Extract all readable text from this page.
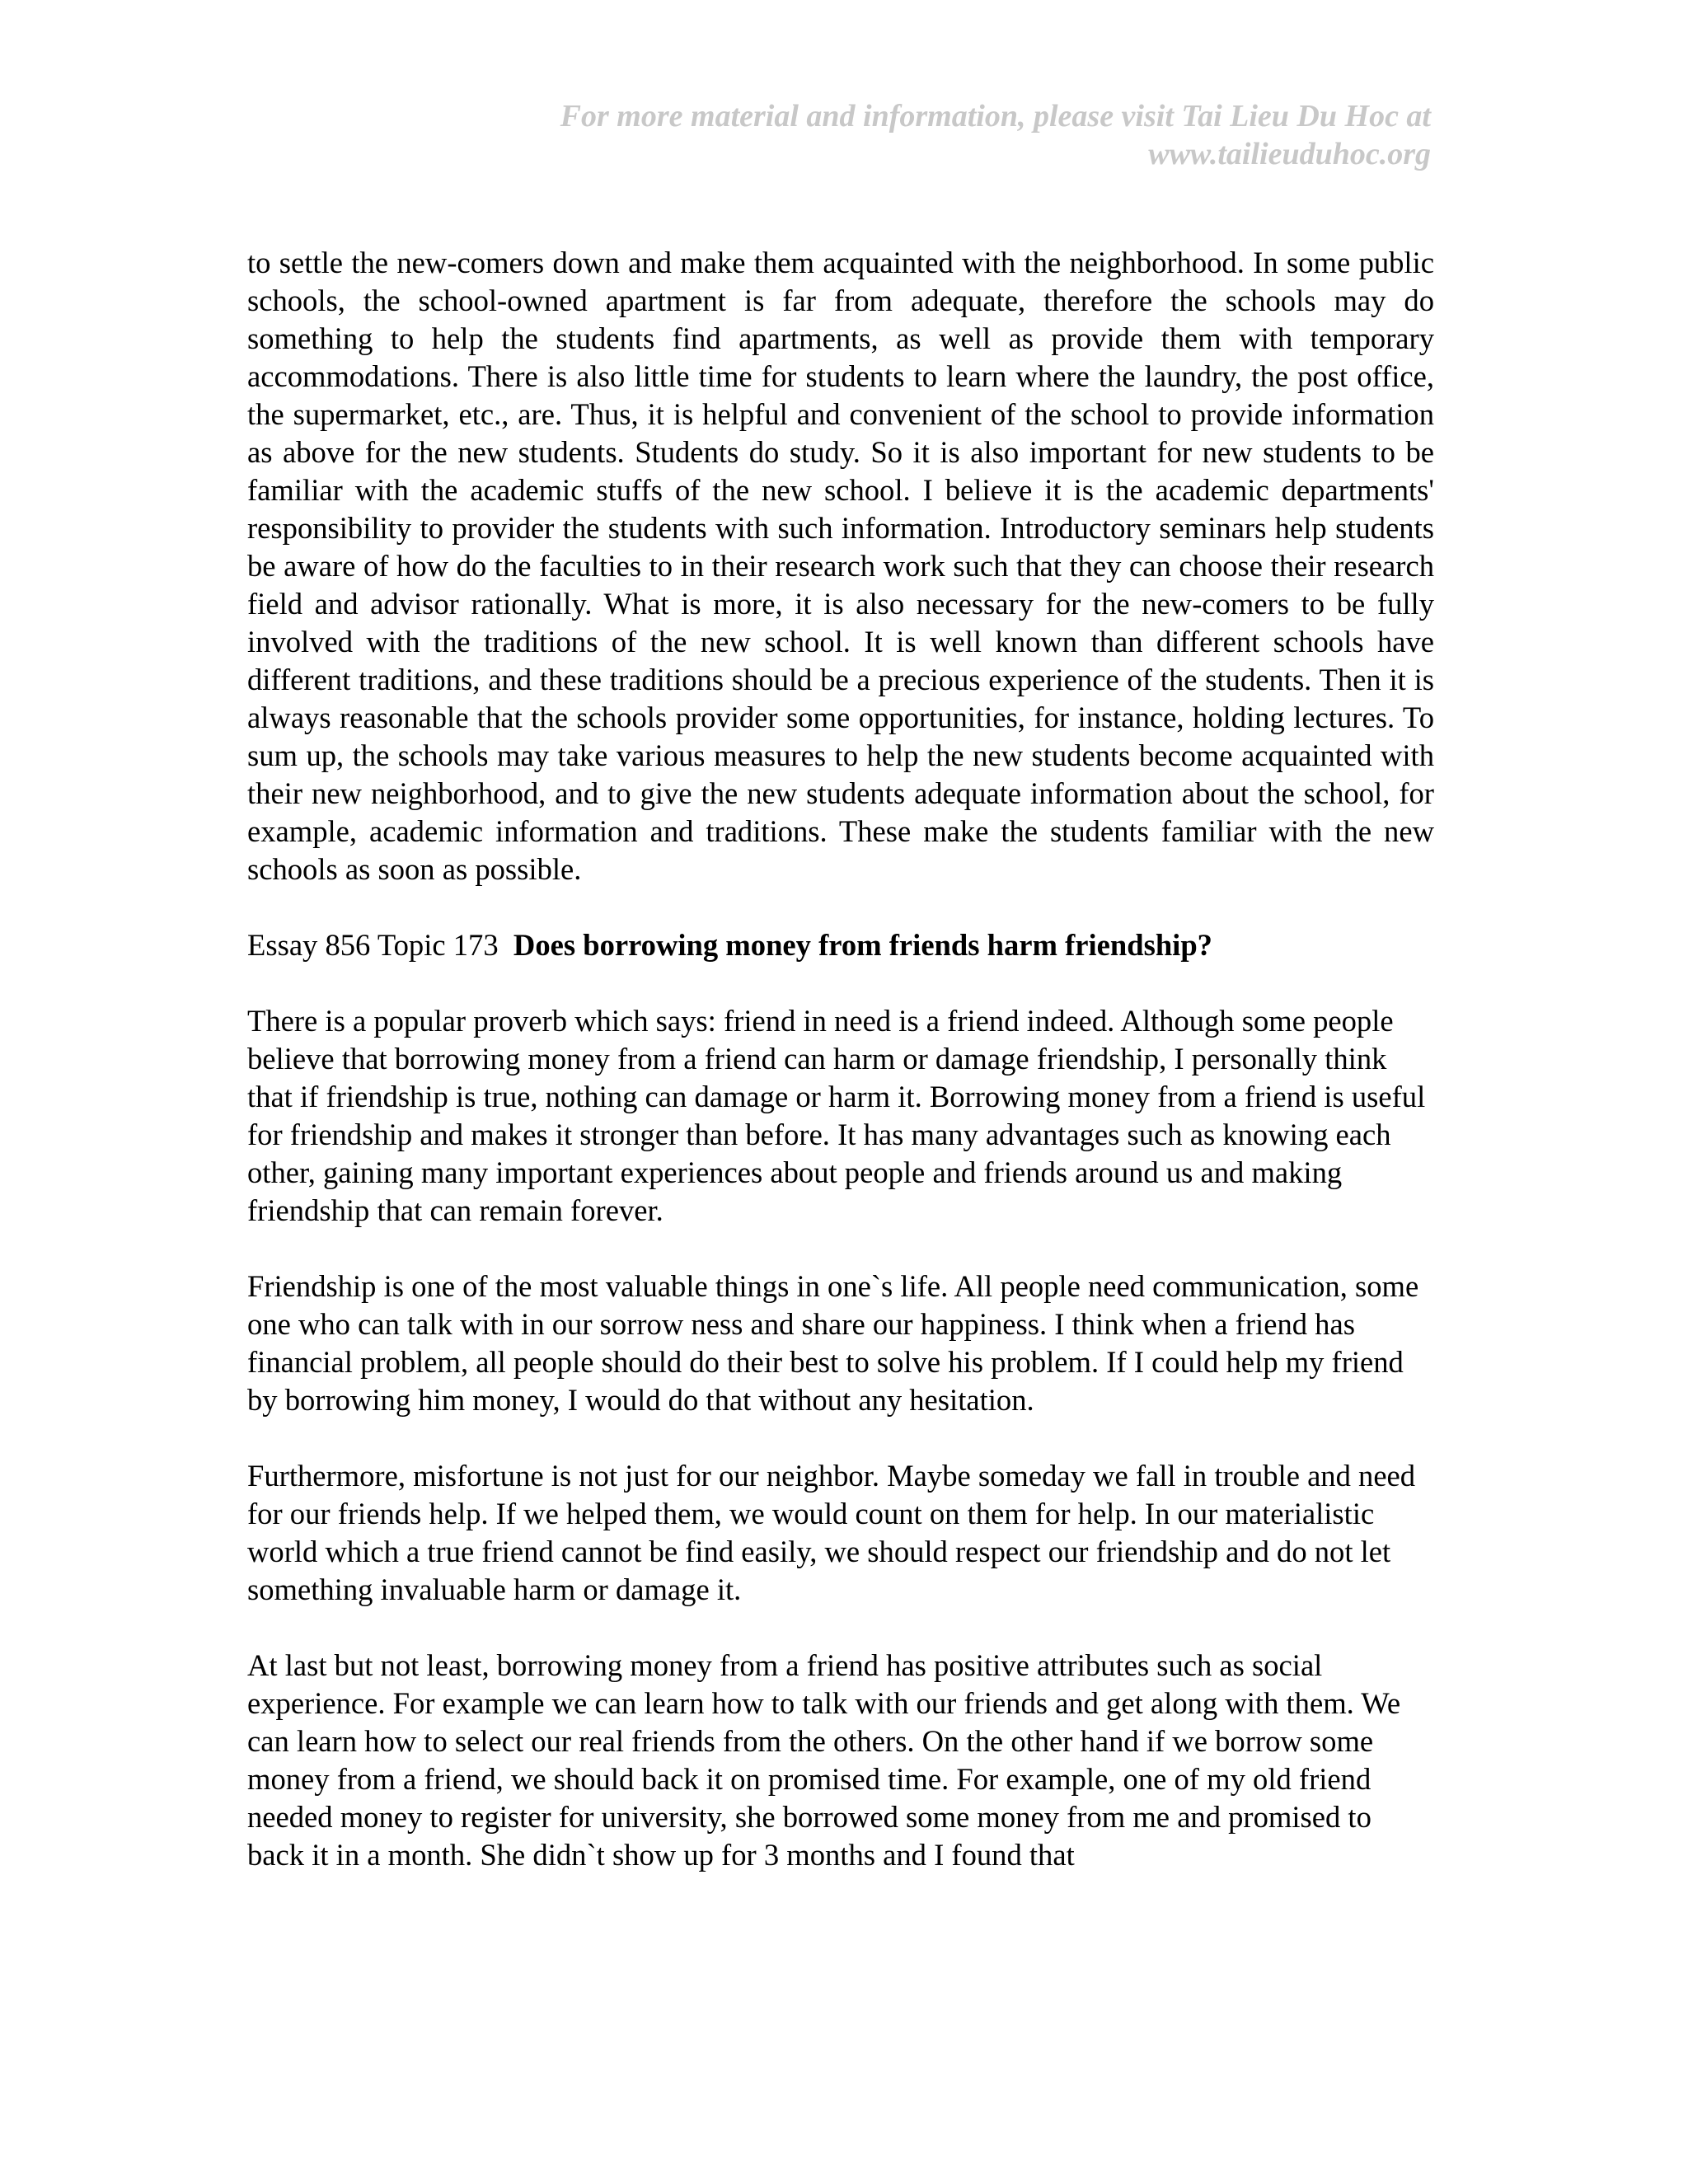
For more material and information, please visit Tai Lieu Du Hoc at
www.tailieuduhoc.org

to settle the new-comers down and make them acquainted with the neighborhood. In some public schools, the school-owned apartment is far from adequate, therefore the schools may do something to help the students find apartments, as well as provide them with temporary accommodations. There is also little time for students to learn where the laundry, the post office, the supermarket, etc., are. Thus, it is helpful and convenient of the school to provide information as above for the new students. Students do study. So it is also important for new students to be familiar with the academic stuffs of the new school. I believe it is the academic departments' responsibility to provider the students with such information. Introductory seminars help students be aware of how do the faculties to in their research work such that they can choose their research field and advisor rationally. What is more, it is also necessary for the new-comers to be fully involved with the traditions of the new school. It is well known than different schools have different traditions, and these traditions should be a precious experience of the students. Then it is always reasonable that the schools provider some opportunities, for instance, holding lectures. To sum up, the schools may take various measures to help the new students become acquainted with their new neighborhood, and to give the new students adequate information about the school, for example, academic information and traditions. These make the students familiar with the new schools as soon as possible.

Essay 856 Topic 173 Does borrowing money from friends harm friendship?

There is a popular proverb which says: friend in need is a friend indeed. Although some people believe that borrowing money from a friend can harm or damage friendship, I personally think that if friendship is true, nothing can damage or harm it. Borrowing money from a friend is useful for friendship and makes it stronger than before. It has many advantages such as knowing each other, gaining many important experiences about people and friends around us and making friendship that can remain forever.

Friendship is one of the most valuable things in one`s life. All people need communication, some one who can talk with in our sorrow ness and share our happiness. I think when a friend has financial problem, all people should do their best to solve his problem. If I could help my friend by borrowing him money, I would do that without any hesitation.

Furthermore, misfortune is not just for our neighbor. Maybe someday we fall in trouble and need for our friends help. If we helped them, we would count on them for help. In our materialistic world which a true friend cannot be find easily, we should respect our friendship and do not let something invaluable harm or damage it.

At last but not least, borrowing money from a friend has positive attributes such as social experience. For example we can learn how to talk with our friends and get along with them. We can learn how to select our real friends from the others. On the other hand if we borrow some money from a friend, we should back it on promised time. For example, one of my old friend needed money to register for university, she borrowed some money from me and promised to back it in a month. She didn`t show up for 3 months and I found that
